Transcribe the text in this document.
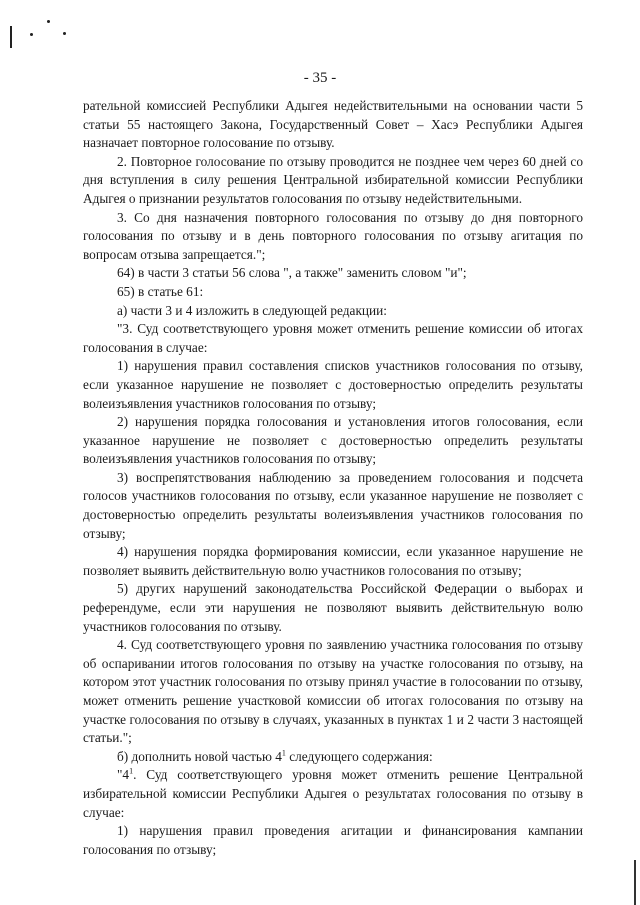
- 35 -

рательной комиссией Республики Адыгея недействительными на основании части 5 статьи 55 настоящего Закона, Государственный Совет – Хасэ Республики Адыгея назначает повторное голосование по отзыву.

2. Повторное голосование по отзыву проводится не позднее чем через 60 дней со дня вступления в силу решения Центральной избирательной комиссии Республики Адыгея о признании результатов голосования по отзыву недействительными.

3. Со дня назначения повторного голосования по отзыву до дня повторного голосования по отзыву и в день повторного голосования по отзыву агитация по вопросам отзыва запрещается.";

64) в части 3 статьи 56 слова ", а также" заменить словом "и";

65) в статье 61:

а) части 3 и 4 изложить в следующей редакции:

"3. Суд соответствующего уровня может отменить решение комиссии об итогах голосования в случае:

1) нарушения правил составления списков участников голосования по отзыву, если указанное нарушение не позволяет с достоверностью определить результаты волеизъявления участников голосования по отзыву;

2) нарушения порядка голосования и установления итогов голосования, если указанное нарушение не позволяет с достоверностью определить результаты волеизъявления участников голосования по отзыву;

3) воспрепятствования наблюдению за проведением голосования и подсчета голосов участников голосования по отзыву, если указанное нарушение не позволяет с достоверностью определить результаты волеизъявления участников голосования по отзыву;

4) нарушения порядка формирования комиссии, если указанное нарушение не позволяет выявить действительную волю участников голосования по отзыву;

5) других нарушений законодательства Российской Федерации о выборах и референдуме, если эти нарушения не позволяют выявить действительную волю участников голосования по отзыву.

4. Суд соответствующего уровня по заявлению участника голосования по отзыву об оспаривании итогов голосования по отзыву на участке голосования по отзыву, на котором этот участник голосования по отзыву принял участие в голосовании по отзыву, может отменить решение участковой комиссии об итогах голосования по отзыву на участке голосования по отзыву в случаях, указанных в пунктах 1 и 2 части 3 настоящей статьи.";

б) дополнить новой частью $4^1$ следующего содержания:

"$4^1$. Суд соответствующего уровня может отменить решение Центральной избирательной комиссии Республики Адыгея о результатах голосования по отзыву в случае:

1) нарушения правил проведения агитации и финансирования кампании голосования по отзыву;
